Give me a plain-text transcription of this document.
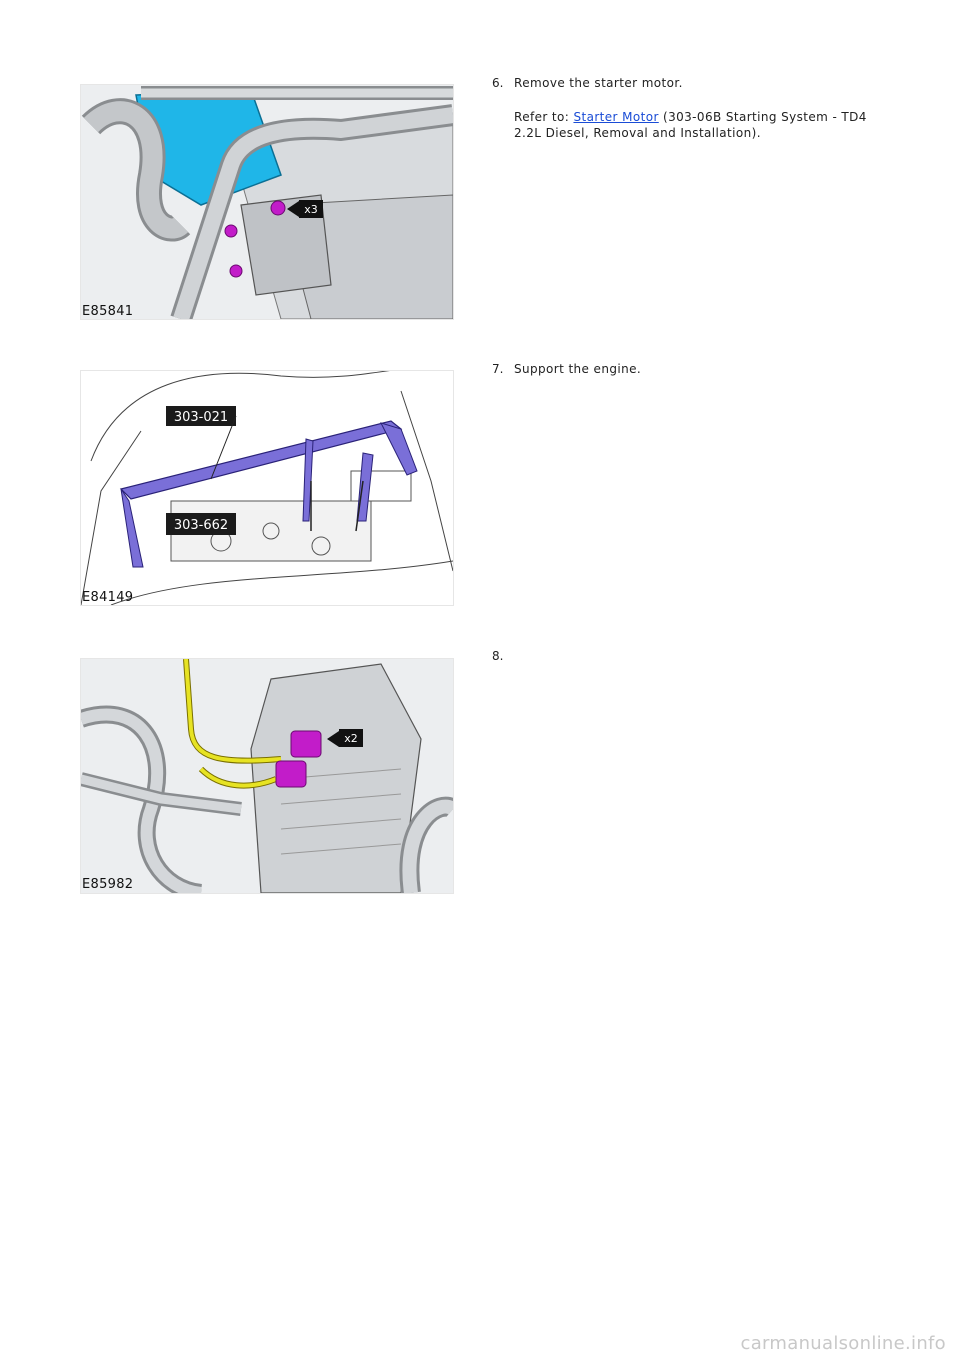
x3
E85841
6. Remove the starter motor.
Refer to: Starter Motor (303-06B Starting System - TD4 2.2L Diesel, Removal and Installation).
303-021
303-662
E84149
7. Support the engine.
x2
E85982
8.
carmanualsonline.info
